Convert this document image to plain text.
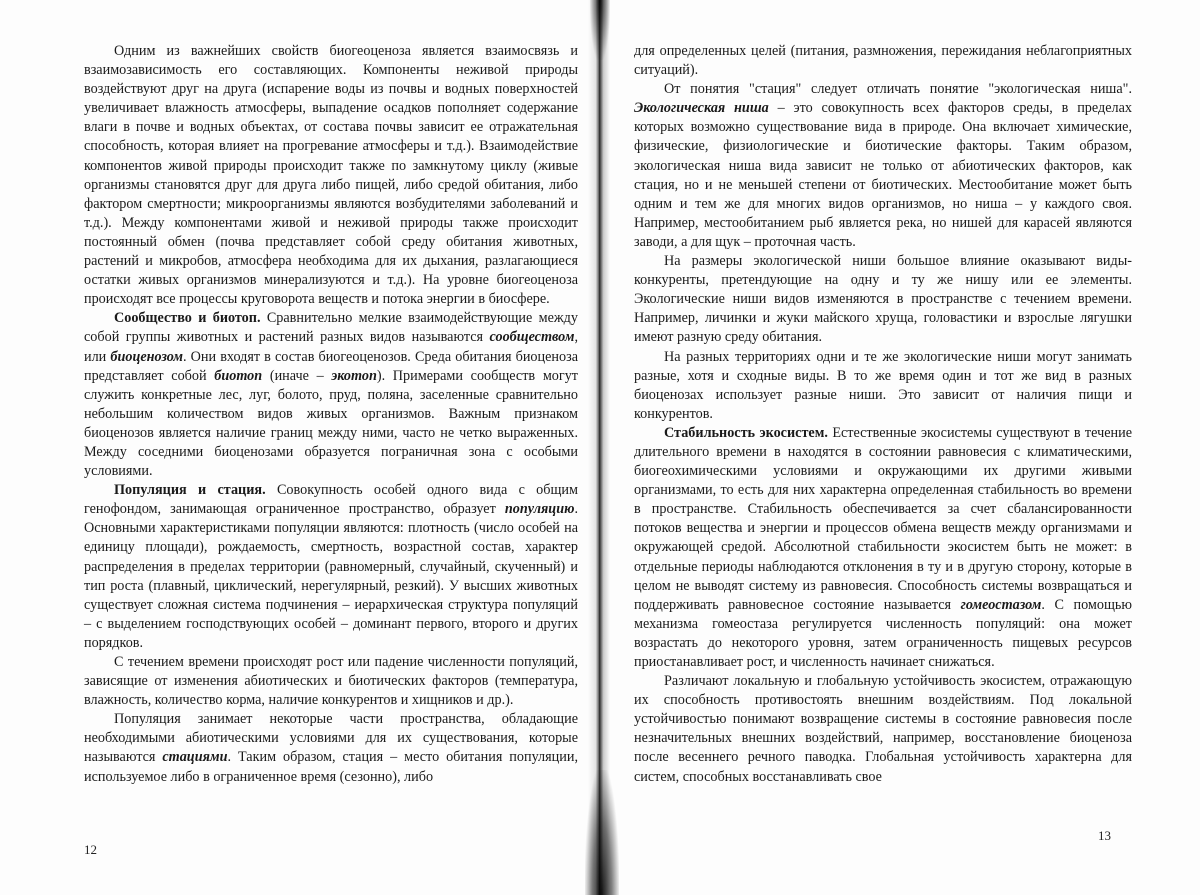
Одним из важнейших свойств биогеоценоза является взаимосвязь и взаимозависимость его составляющих. Компоненты неживой природы воздействуют друг на друга (испарение воды из почвы и водных поверхностей увеличивает влажность атмосферы, выпадение осадков пополняет содержание влаги в почве и водных объектах, от состава почвы зависит ее отражательная способность, которая влияет на прогревание атмосферы и т.д.). Взаимодействие компонентов живой природы происходит также по замкнутому циклу (живые организмы становятся друг для друга либо пищей, либо средой обитания, либо фактором смертности; микроорганизмы являются возбудителями заболеваний и т.д.). Между компонентами живой и неживой природы также происходит постоянный обмен (почва представляет собой среду обитания животных, растений и микробов, атмосфера необходима для их дыхания, разлагающиеся остатки живых организмов минерализуются и т.д.). На уровне биогеоценоза происходят все процессы круговорота веществ и потока энергии в биосфере.

Сообщество и биотоп. Сравнительно мелкие взаимодействующие между собой группы животных и растений разных видов называются сообществом, или биоценозом. Они входят в состав биогеоценозов. Среда обитания биоценоза представляет собой биотоп (иначе – экотоп). Примерами сообществ могут служить конкретные лес, луг, болото, пруд, поляна, заселенные сравнительно небольшим количеством видов живых организмов. Важным признаком биоценозов является наличие границ между ними, часто не четко выраженных. Между соседними биоценозами образуется пограничная зона с особыми условиями.

Популяция и стация. Совокупность особей одного вида с общим генофондом, занимающая ограниченное пространство, образует популяцию. Основными характеристиками популяции являются: плотность (число особей на единицу площади), рождаемость, смертность, возрастной состав, характер распределения в пределах территории (равномерный, случайный, скученный) и тип роста (плавный, циклический, нерегулярный, резкий). У высших животных существует сложная система подчинения – иерархическая структура популяций – с выделением господствующих особей – доминант первого, второго и других порядков.

С течением времени происходят рост или падение численности популяций, зависящие от изменения абиотических и биотических факторов (температура, влажность, количество корма, наличие конкурентов и хищников и др.).

Популяция занимает некоторые части пространства, обладающие необходимыми абиотическими условиями для их существования, которые называются стациями. Таким образом, стация – место обитания популяции, используемое либо в ограниченное время (сезонно), либо

для определенных целей (питания, размножения, пережидания неблагоприятных ситуаций).

От понятия "стация" следует отличать понятие "экологическая ниша". Экологическая ниша – это совокупность всех факторов среды, в пределах которых возможно существование вида в природе. Она включает химические, физические, физиологические и биотические факторы. Таким образом, экологическая ниша вида зависит не только от абиотических факторов, как стация, но и не меньшей степени от биотических. Местообитание может быть одним и тем же для многих видов организмов, но ниша – у каждого своя. Например, местообитанием рыб является река, но нишей для карасей являются заводи, а для щук – проточная часть.

На размеры экологической ниши большое влияние оказывают виды-конкуренты, претендующие на одну и ту же нишу или ее элементы. Экологические ниши видов изменяются в пространстве с течением времени. Например, личинки и жуки майского хруща, головастики и взрослые лягушки имеют разную среду обитания.

На разных территориях одни и те же экологические ниши могут занимать разные, хотя и сходные виды. В то же время один и тот же вид в разных биоценозах использует разные ниши. Это зависит от наличия пищи и конкурентов.

Стабильность экосистем. Естественные экосистемы существуют в течение длительного времени в находятся в состоянии равновесия с климатическими, биогеохимическими условиями и окружающими их другими живыми организмами, то есть для них характерна определенная стабильность во времени в пространстве. Стабильность обеспечивается за счет сбалансированности потоков вещества и энергии и процессов обмена веществ между организмами и окружающей средой. Абсолютной стабильности экосистем быть не может: в отдельные периоды наблюдаются отклонения в ту и в другую сторону, которые в целом не выводят систему из равновесия. Способность системы возвращаться и поддерживать равновесное состояние называется гомеостазом. С помощью механизма гомеостаза регулируется численность популяций: она может возрастать до некоторого уровня, затем ограниченность пищевых ресурсов приостанавливает рост, и численность начинает снижаться.

Различают локальную и глобальную устойчивость экосистем, отражающую их способность противостоять внешним воздействиям. Под локальной устойчивостью понимают возвращение системы в состояние равновесия после незначительных внешних воздействий, например, восстановление биоценоза после весеннего речного паводка. Глобальная устойчивость характерна для систем, способных восстанавливать свое

12
13
